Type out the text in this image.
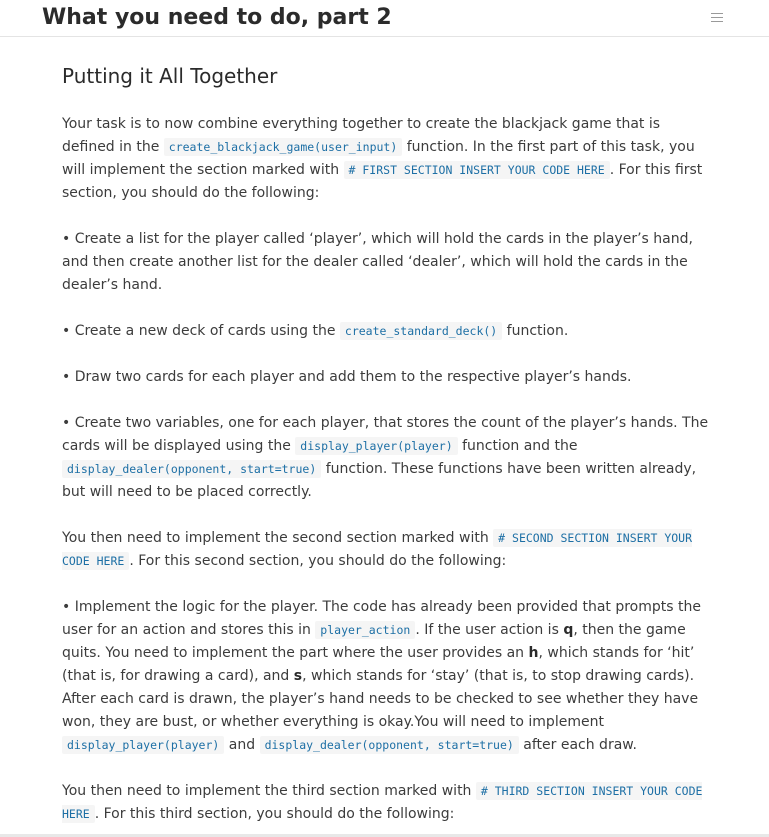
What you need to do, part 2
Putting it All Together

Your task is to now combine everything together to create the blackjack game that is defined in the create_blackjack_game(user_input) function. In the first part of this task, you will implement the section marked with # FIRST SECTION INSERT YOUR CODE HERE . For this first section, you should do the following:

• Create a list for the player called ‘player’, which will hold the cards in the player’s hand, and then create another list for the dealer called ‘dealer’, which will hold the cards in the dealer’s hand.

• Create a new deck of cards using the create_standard_deck() function.

• Draw two cards for each player and add them to the respective player’s hands.

• Create two variables, one for each player, that stores the count of the player’s hands. The cards will be displayed using the display_player(player) function and the display_dealer(opponent, start=true) function. These functions have been written already, but will need to be placed correctly.

You then need to implement the second section marked with # SECOND SECTION INSERT YOUR CODE HERE . For this second section, you should do the following:

• Implement the logic for the player. The code has already been provided that prompts the user for an action and stores this in player_action . If the user action is q, then the game quits. You need to implement the part where the user provides an h, which stands for ‘hit’ (that is, for drawing a card), and s, which stands for ‘stay’ (that is, to stop drawing cards). After each card is drawn, the player’s hand needs to be checked to see whether they have won, they are bust, or whether everything is okay.You will need to implement display_player(player) and display_dealer(opponent, start=true) after each draw.

You then need to implement the third section marked with # THIRD SECTION INSERT YOUR CODE HERE . For this third section, you should do the following:
